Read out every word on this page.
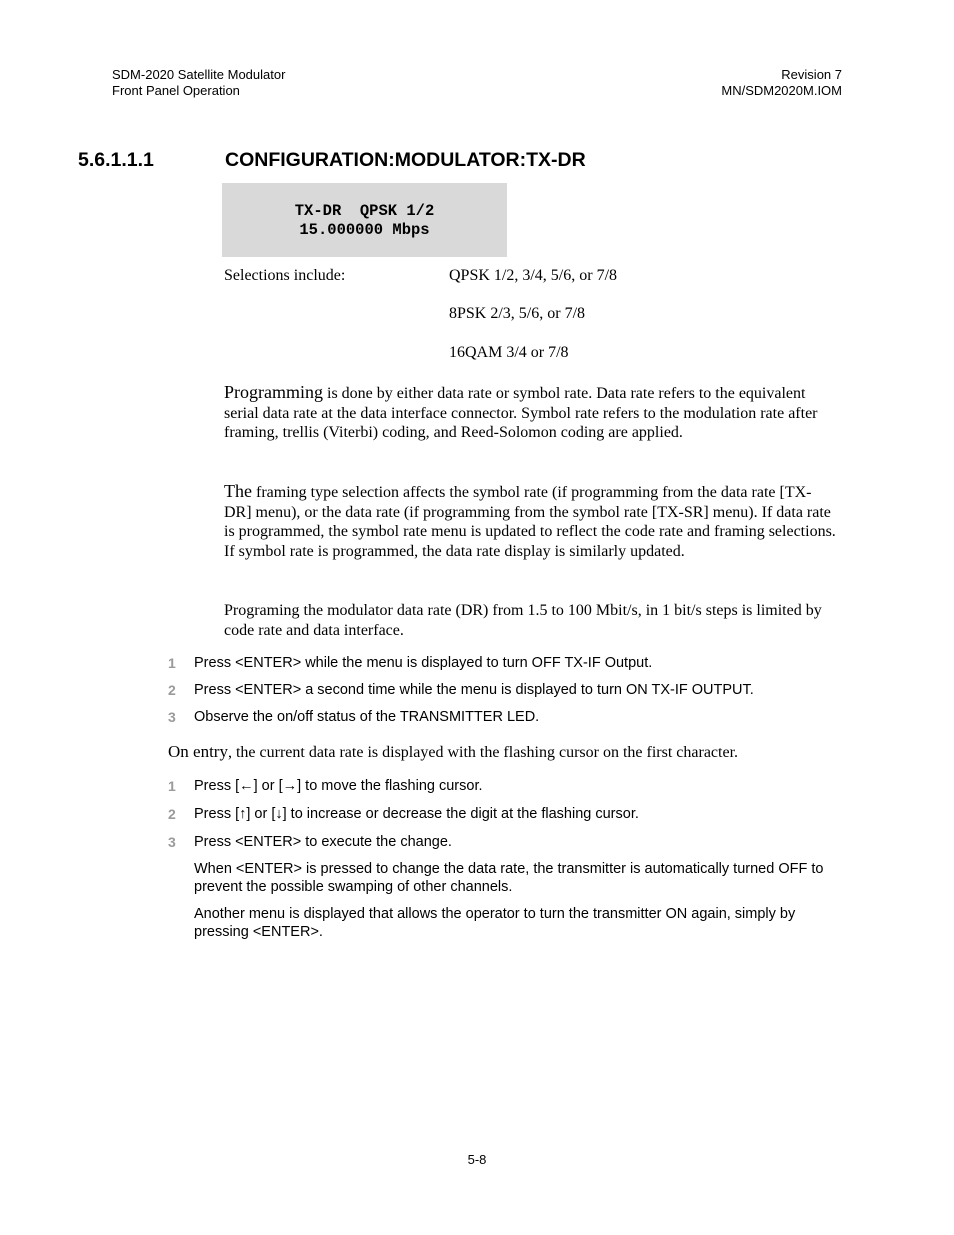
SDM-2020 Satellite Modulator
Front Panel Operation
Revision 7
MN/SDM2020M.IOM
5.6.1.1.1	CONFIGURATION:MODULATOR:TX-DR
TX-DR  QPSK 1/2
15.000000 Mbps
Selections include:	QPSK 1/2, 3/4, 5/6, or 7/8
8PSK 2/3, 5/6, or 7/8
16QAM 3/4 or 7/8
Programming is done by either data rate or symbol rate. Data rate refers to the equivalent serial data rate at the data interface connector. Symbol rate refers to the modulation rate after framing, trellis (Viterbi) coding, and Reed-Solomon coding are applied.
The framing type selection affects the symbol rate (if programming from the data rate [TX-DR] menu), or the data rate (if programming from the symbol rate [TX-SR] menu). If data rate is programmed, the symbol rate menu is updated to reflect the code rate and framing selections. If symbol rate is programmed, the data rate display is similarly updated.
Programing the modulator data rate (DR) from 1.5 to 100 Mbit/s, in 1 bit/s steps is limited by code rate and data interface.
1 Press <ENTER> while the menu is displayed to turn OFF TX-IF Output.
2 Press <ENTER> a second time while the menu is displayed to turn ON TX-IF OUTPUT.
3 Observe the on/off status of the TRANSMITTER LED.
On entry, the current data rate is displayed with the flashing cursor on the first character.
1 Press [←] or [→] to move the flashing cursor.
2 Press [↑] or [↓] to increase or decrease the digit at the flashing cursor.
3 Press <ENTER> to execute the change.
When <ENTER> is pressed to change the data rate, the transmitter is automatically turned OFF to prevent the possible swamping of other channels.
Another menu is displayed that allows the operator to turn the transmitter ON again, simply by pressing <ENTER>.
5-8
